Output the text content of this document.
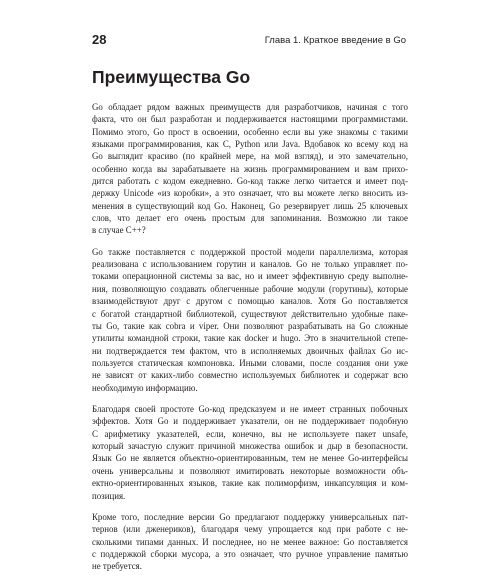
28	Глава 1. Краткое введение в Go
Преимущества Go

Go обладает рядом важных преимуществ для разработчиков, начиная с того
факта, что он был разработан и поддерживается настоящими программистами.
Помимо этого, Go прост в освоении, особенно если вы уже знакомы с такими
языками программирования, как С, Python или Java. Вдобавок ко всему код на
Go выглядит красиво (по крайней мере, на мой взгляд), и это замечательно,
особенно когда вы зарабатываете на жизнь программированием и вам прихо-
дится работать с кодом ежедневно. Go-код также легко читается и имеет под-
держку Unicode «из коробки», а это означает, что вы можете легко вносить из-
менения в существующий код Go. Наконец, Go резервирует лишь 25 ключевых
слов, что делает его очень простым для запоминания. Возможно ли такое
в случае С++?

Go также поставляется с поддержкой простой модели параллелизма, которая
реализована с использованием горутин и каналов. Go не только управляет по-
токами операционной системы за вас, но и имеет эффективную среду выполне-
ния, позволяющую создавать облегченные рабочие модули (горутины), которые
взаимодействуют друг с другом с помощью каналов. Хотя Go поставляется
с богатой стандартной библиотекой, существуют действительно удобные паке-
ты Go, такие как cobra и viper. Они позволяют разрабатывать на Go сложные
утилиты командной строки, такие как docker и hugo. Это в значительной степе-
ни подтверждается тем фактом, что в исполняемых двоичных файлах Go ис-
пользуется статическая компоновка. Иными словами, после создания они уже
не зависят от каких-либо совместно используемых библиотек и содержат всю
необходимую информацию.

Благодаря своей простоте Go-код предсказуем и не имеет странных побочных
эффектов. Хотя Go и поддерживает указатели, он не поддерживает подобную
С арифметику указателей, если, конечно, вы не используете пакет unsafe,
который зачастую служит причиной множества ошибок и дыр в безопасности.
Язык Go не является объектно-ориентированным, тем не менее Go-интерфейсы
очень универсальны и позволяют имитировать некоторые возможности объ-
ектно-ориентированных языков, такие как полиморфизм, инкапсуляция и ком-
позиция.

Кроме того, последние версии Go предлагают поддержку универсальных пат-
тернов (или дженериков), благодаря чему упрощается код при работе с не-
сколькими типами данных. И последнее, но не менее важное: Go поставляется
с поддержкой сборки мусора, а это означает, что ручное управление памятью
не требуется.
